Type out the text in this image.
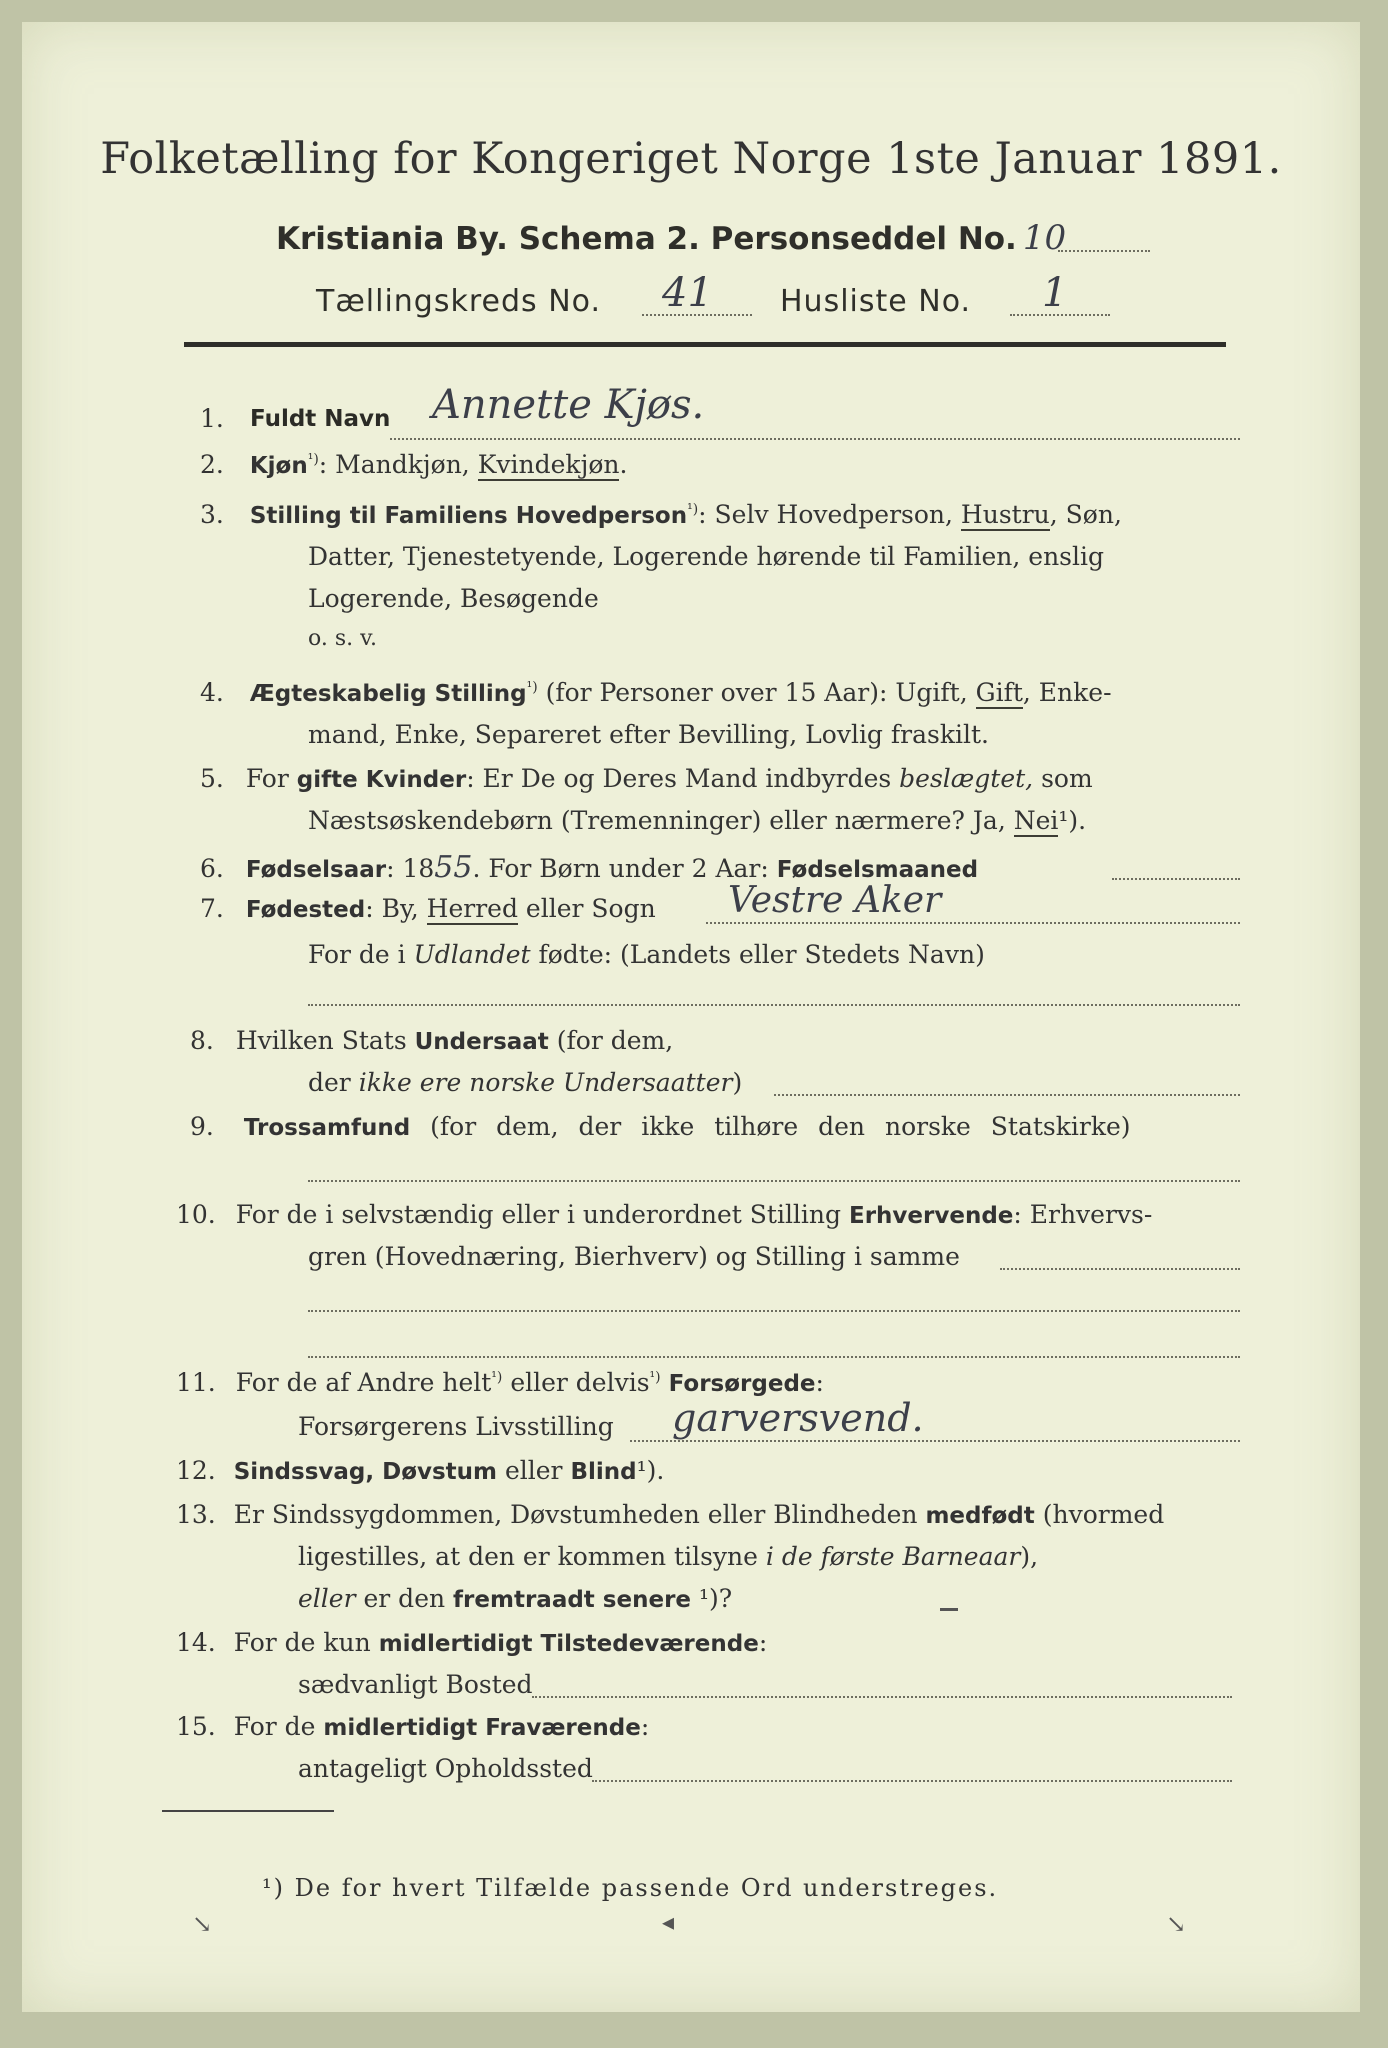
Folketælling for Kongeriget Norge 1ste Januar 1891.
Kristiania By. Schema 2. Personseddel No. 10
Tællingskreds No. 41 Husliste No. 1
1. Fuldt Navn Annette Kjøs.
2. Kjøn$^{^1)}$: Mandkjøn, Kvindekjøn.
3. Stilling til Familiens Hovedperson$^{^1)}$: Selv Hovedperson, Hustru, Søn,
Datter, Tjenestetyende, Logerende hørende til Familien, enslig
Logerende, Besøgende
o. s. v.
4. Ægteskabelig Stilling$^{^1)}$ (for Personer over 15 Aar): Ugift, Gift, Enke-
mand, Enke, Separeret efter Bevilling, Lovlig fraskilt.
5. For gifte Kvinder: Er De og Deres Mand indbyrdes beslægtet, som
Næstsøskendebørn (Tremenninger) eller nærmere? Ja, Nei¹).
6. Fødselsaar: 1855. For Børn under 2 Aar: Fødselsmaaned
7. Fødested: By, Herred eller Sogn Vestre Aker
For de i Udlandet fødte: (Landets eller Stedets Navn)
8. Hvilken Stats Undersaat (for dem,
der ikke ere norske Undersaatter)
9. Trossamfund (for dem, der ikke tilhøre den norske Statskirke)
10. For de i selvstændig eller i underordnet Stilling Erhvervende: Erhvervs-
gren (Hovednæring, Bierhverv) og Stilling i samme
11. For de af Andre helt$^{^1)}$ eller delvis$^{^1)}$ Forsørgede:
Forsørgerens Livsstilling garversvend.
12. Sindssvag, Døvstum eller Blind¹).
13. Er Sindssygdommen, Døvstumheden eller Blindheden medfødt (hvormed
ligestilles, at den er kommen tilsyne i de første Barneaar),
eller er den fremtraadt senere ¹)?
14. For de kun midlertidigt Tilstedeværende:
sædvanligt Bosted
15. For de midlertidigt Fraværende:
antageligt Opholdssted
¹) De for hvert Tilfælde passende Ord understreges.
↘	◂	↘
